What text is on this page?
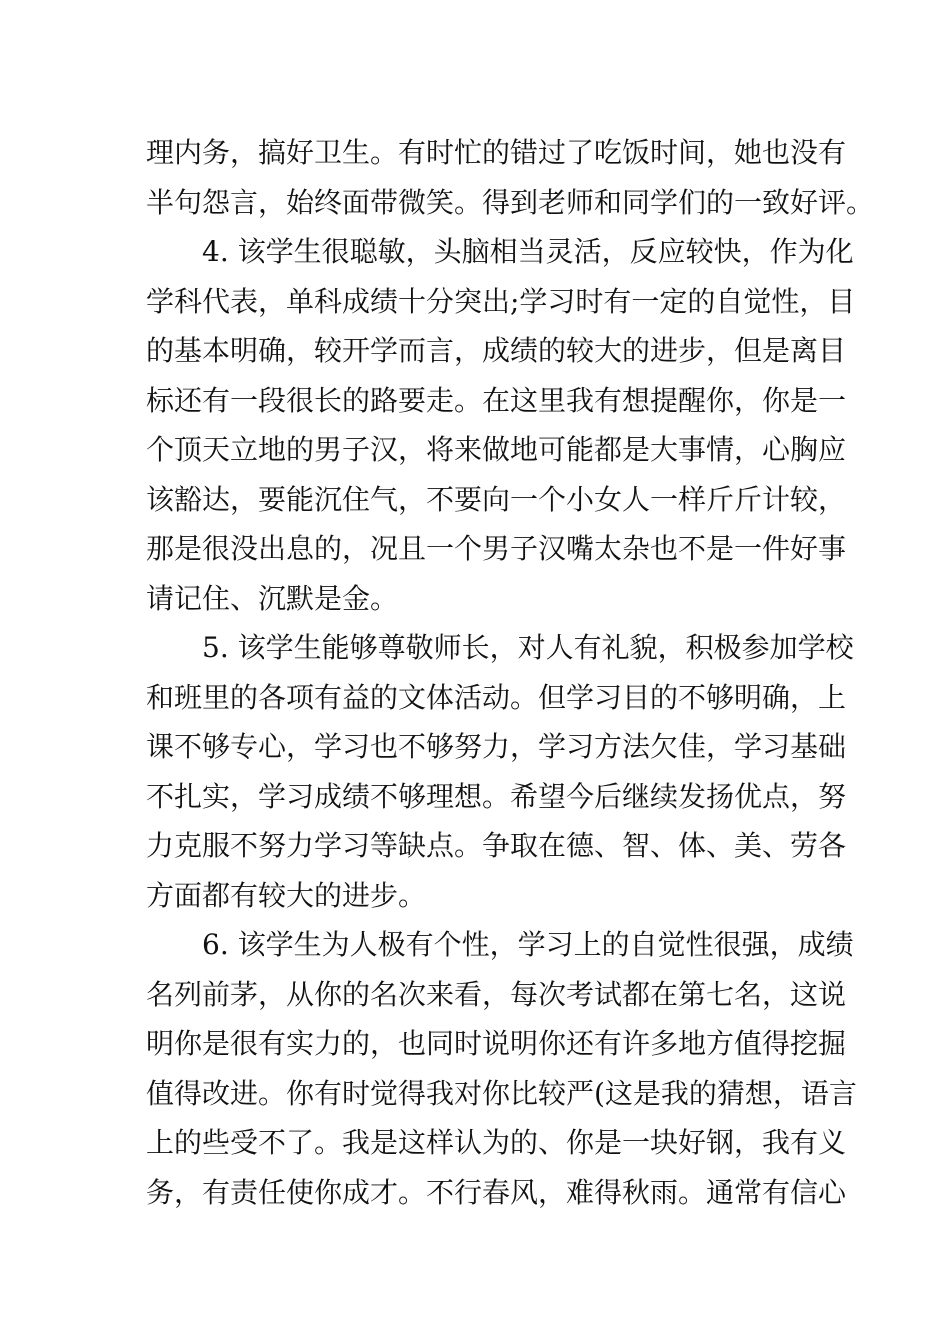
理内务，搞好卫生。有时忙的错过了吃饭时间，她也没有
半句怨言，始终面带微笑。得到老师和同学们的一致好评。
4. 该学生很聪敏，头脑相当灵活，反应较快，作为化
学科代表，单科成绩十分突出;学习时有一定的自觉性，目
的基本明确，较开学而言，成绩的较大的进步，但是离目
标还有一段很长的路要走。在这里我有想提醒你，你是一
个顶天立地的男子汉，将来做地可能都是大事情，心胸应
该豁达，要能沉住气，不要向一个小女人一样斤斤计较，
那是很没出息的，况且一个男子汉嘴太杂也不是一件好事
请记住、沉默是金。
5. 该学生能够尊敬师长，对人有礼貌，积极参加学校
和班里的各项有益的文体活动。但学习目的不够明确，上
课不够专心，学习也不够努力，学习方法欠佳，学习基础
不扎实，学习成绩不够理想。希望今后继续发扬优点，努
力克服不努力学习等缺点。争取在德、智、体、美、劳各
方面都有较大的进步。
6. 该学生为人极有个性，学习上的自觉性很强，成绩
名列前茅，从你的名次来看，每次考试都在第七名，这说
明你是很有实力的，也同时说明你还有许多地方值得挖掘
值得改进。你有时觉得我对你比较严(这是我的猜想，语言
上的些受不了。我是这样认为的、你是一块好钢，我有义
务，有责任使你成才。不行春风，难得秋雨。通常有信心
